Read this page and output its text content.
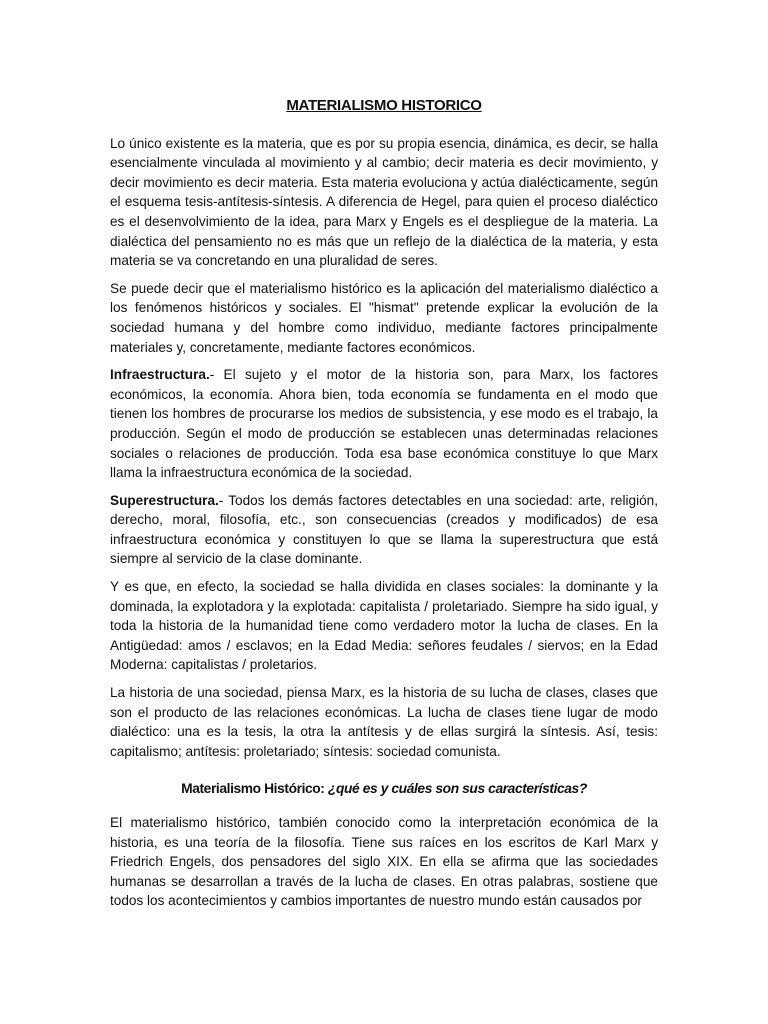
MATERIALISMO HISTORICO

Lo único existente es la materia, que es por su propia esencia, dinámica, es decir, se halla esencialmente vinculada al movimiento y al cambio; decir materia es decir movimiento, y decir movimiento es decir materia. Esta materia evoluciona y actúa dialécticamente, según el esquema tesis-antítesis-síntesis. A diferencia de Hegel, para quien el proceso dialéctico es el desenvolvimiento de la idea, para Marx y Engels es el despliegue de la materia. La dialéctica del pensamiento no es más que un reflejo de la dialéctica de la materia, y esta materia se va concretando en una pluralidad de seres.

Se puede decir que el materialismo histórico es la aplicación del materialismo dialéctico a los fenómenos históricos y sociales. El "hismat" pretende explicar la evolución de la sociedad humana y del hombre como individuo, mediante factores principalmente materiales y, concretamente, mediante factores económicos.

Infraestructura.- El sujeto y el motor de la historia son, para Marx, los factores económicos, la economía. Ahora bien, toda economía se fundamenta en el modo que tienen los hombres de procurarse los medios de subsistencia, y ese modo es el trabajo, la producción. Según el modo de producción se establecen unas determinadas relaciones sociales o relaciones de producción. Toda esa base económica constituye lo que Marx llama la infraestructura económica de la sociedad.

Superestructura.- Todos los demás factores detectables en una sociedad: arte, religión, derecho, moral, filosofía, etc., son consecuencias (creados y modificados) de esa infraestructura económica y constituyen lo que se llama la superestructura que está siempre al servicio de la clase dominante.

Y es que, en efecto, la sociedad se halla dividida en clases sociales: la dominante y la dominada, la explotadora y la explotada: capitalista / proletariado. Siempre ha sido igual, y toda la historia de la humanidad tiene como verdadero motor la lucha de clases. En la Antigüedad: amos / esclavos; en la Edad Media: señores feudales / siervos; en la Edad Moderna: capitalistas / proletarios.

La historia de una sociedad, piensa Marx, es la historia de su lucha de clases, clases que son el producto de las relaciones económicas. La lucha de clases tiene lugar de modo dialéctico: una es la tesis, la otra la antítesis y de ellas surgirá la síntesis. Así, tesis: capitalismo; antítesis: proletariado; síntesis: sociedad comunista.

Materialismo Histórico: ¿qué es y cuáles son sus características?

El materialismo histórico, también conocido como la interpretación económica de la historia, es una teoría de la filosofía. Tiene sus raíces en los escritos de Karl Marx y Friedrich Engels, dos pensadores del siglo XIX. En ella se afirma que las sociedades humanas se desarrollan a través de la lucha de clases. En otras palabras, sostiene que todos los acontecimientos y cambios importantes de nuestro mundo están causados por
